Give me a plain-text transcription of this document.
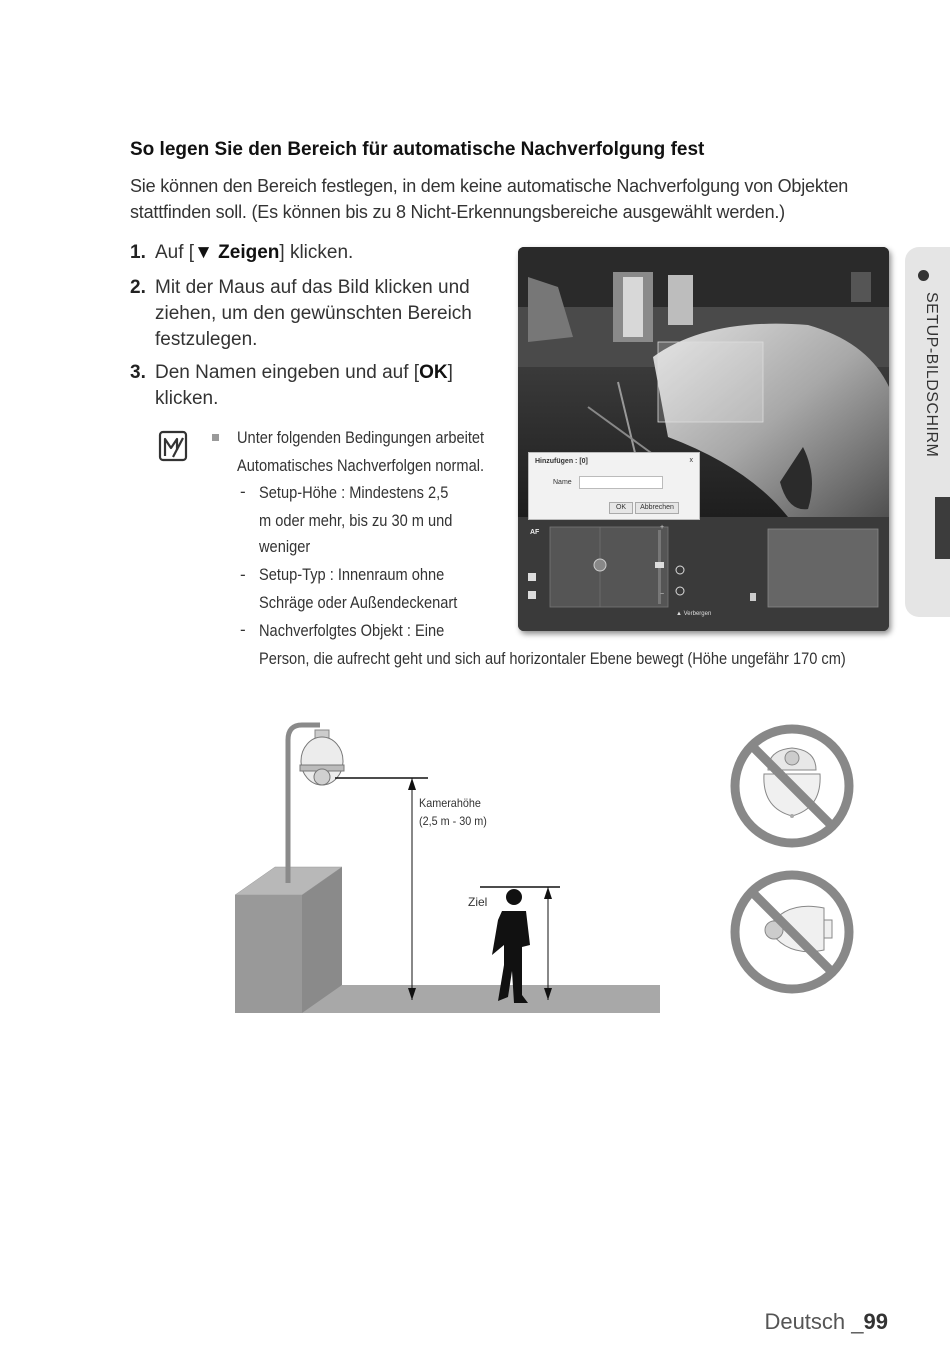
So legen Sie den Bereich für automatische Nachverfolgung fest
Sie können den Bereich festlegen, in dem keine automatische Nachverfolgung von Objekten stattfinden soll. (Es können bis zu 8 Nicht-Erkennungsbereiche ausgewählt werden.)
1. Auf [▼ Zeigen] klicken.
2. Mit der Maus auf das Bild klicken und ziehen, um den gewünschten Bereich festzulegen.
3. Den Namen eingeben und auf [OK] klicken.
Unter folgenden Bedingungen arbeitet
Automatisches Nachverfolgen normal.
- Setup-Höhe : Mindestens 2,5
m oder mehr, bis zu 30 m und
weniger
- Setup-Typ : Innenraum ohne
Schräge oder Außendeckenart
- Nachverfolgtes Objekt : Eine
Person, die aufrecht geht und sich auf horizontaler Ebene bewegt (Höhe ungefähr 170 cm)
Hinzufügen : [0]	x
Name
OK	Abbrechen
AF
+
−
▲ Verbergen
SETUP-BILDSCHIRM
Kamerahöhe
(2,5 m - 30 m)
Ziel
Deutsch _99
